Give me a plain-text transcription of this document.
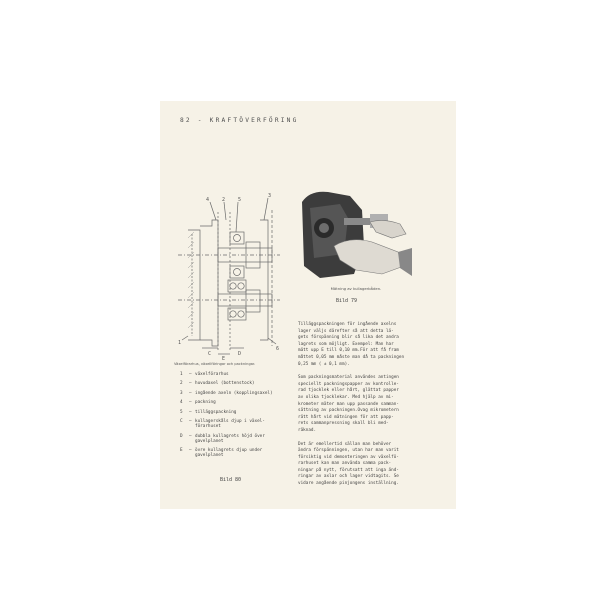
82 - KRAFTÖVERFÖRING
4	2	5
3
1
C
E
D
6
Växelförarhus, växellföringar och packningar.
1	– växelförarhus
2	– huvudaxel (bottenstock)
3	– ingående axeln (kopplingsaxel)
4	– packning
5	– tilläggspackning
C	– kullagerskåls djup i växel-förarhuset
D	– dubbla kullagrets höjd över gavelplanet
E	– övre kullagrets djup under gavelplanet
Bild 80
Mätning av kullagerbåden.
Bild 79
Tilläggspackningen för ingående axelns
lager väljs därefter så att detta lä-
gets förspänning blir så lika det andra
lagrets som möjligt. Exempel: Man har
mätt upp E till 0,10 mm.För att få fram
måttet 0,05 mm måste man då ta packningen
0,25 mm ( ± 0,1 mm).
Som packningsmaterial användes antingen
speciellt packningspapper av kontrolle-
rad tjocklek eller hårt, glättat papper
av olika tjocklekar. Med hjälp av mi-
krometer mäter man upp passande samman-
sättning av packningen.Ovag mikrometern
rätt hårt vid mätningen för att papp-
rets sammanpressning skall bli med-
räknad.
Det är emellertid sällan man behöver
ändra förspänningen, utan har man varit
försiktig vid demonteringen av växelfö-
rarhuset kan man använda samma pack-
ningar på nytt, förutsatt att inga änd-
ringar av axlar och lager vidtagits. Se
vidare angående pinjongens inställning.
